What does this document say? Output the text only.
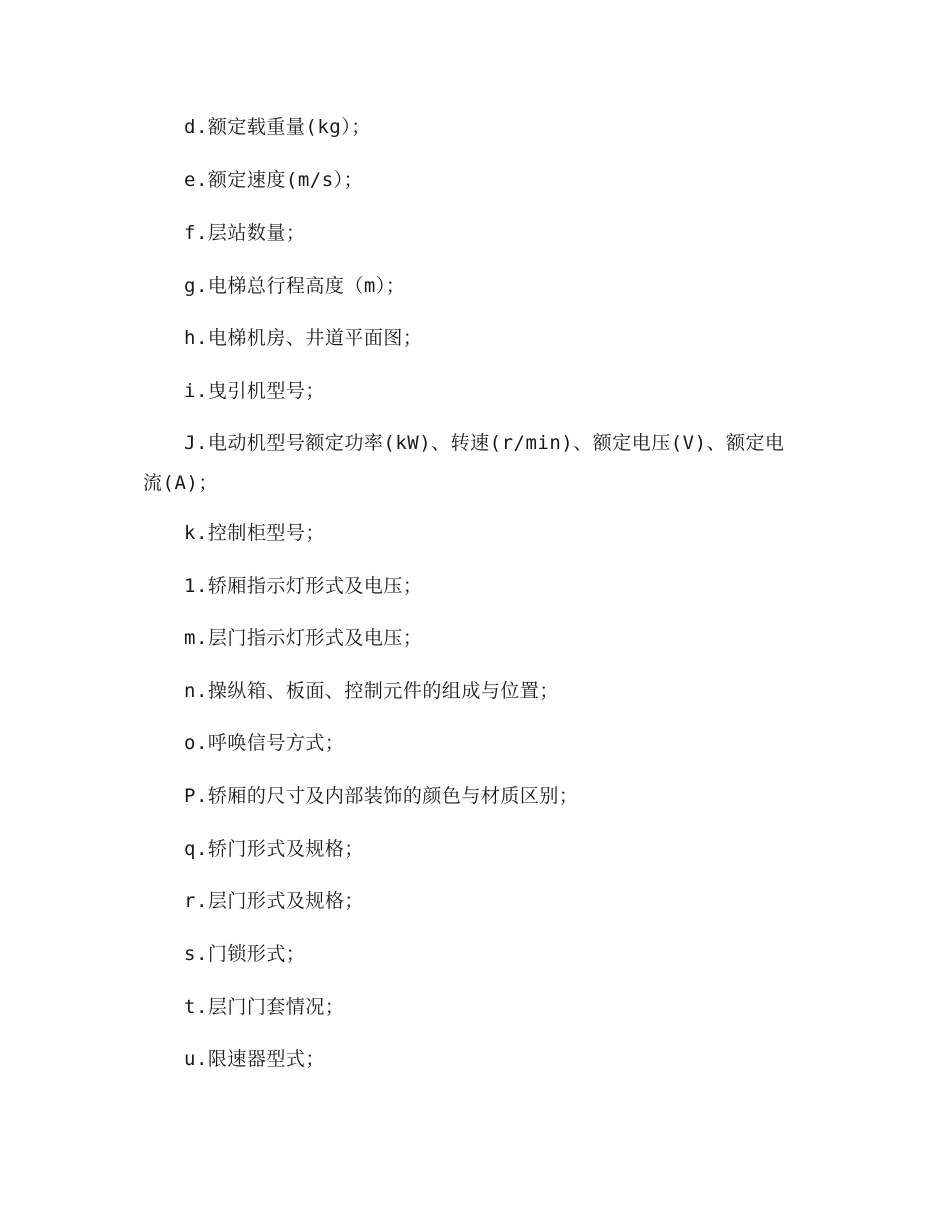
d.额定载重量(kg）；
e.额定速度(m/s）；
f.层站数量；
g.电梯总行程高度（m）；
h.电梯机房、井道平面图；
i.曳引机型号；
J.电动机型号额定功率(kW)、转速(r/min)、额定电压(V)、额定电流(A)；
k.控制柜型号；
1.轿厢指示灯形式及电压；
m.层门指示灯形式及电压；
n.操纵箱、板面、控制元件的组成与位置；
o.呼唤信号方式；
P.轿厢的尺寸及内部装饰的颜色与材质区别；
q.轿门形式及规格；
r.层门形式及规格；
s.门锁形式；
t.层门门套情况；
u.限速器型式；
